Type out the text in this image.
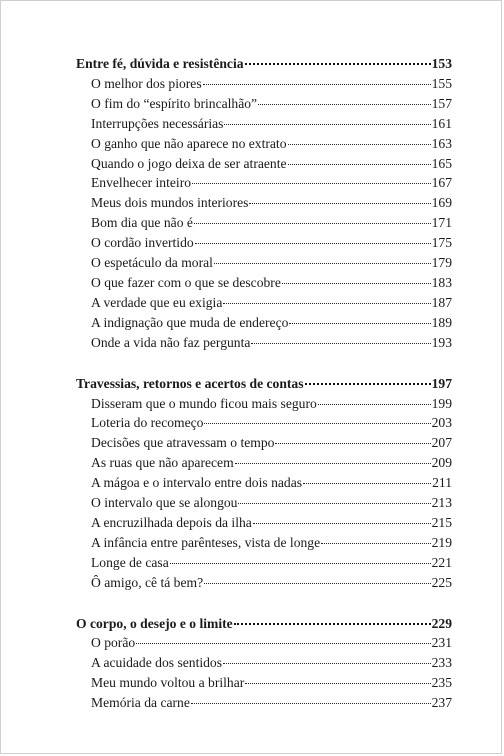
Entre fé, dúvida e resistência	153
O melhor dos piores	155
O fim do “espírito brincalhão”	157
Interrupções necessárias	161
O ganho que não aparece no extrato	163
Quando o jogo deixa de ser atraente	165
Envelhecer inteiro	167
Meus dois mundos interiores	169
Bom dia que não é	171
O cordão invertido	175
O espetáculo da moral	179
O que fazer com o que se descobre	183
A verdade que eu exigia	187
A indignação que muda de endereço	189
Onde a vida não faz pergunta	193
Travessias, retornos e acertos de contas	197
Disseram que o mundo ficou mais seguro	199
Loteria do recomeço	203
Decisões que atravessam o tempo	207
As ruas que não aparecem	209
A mágoa e o intervalo entre dois nadas	211
O intervalo que se alongou	213
A encruzilhada depois da ilha	215
A infância entre parênteses, vista de longe	219
Longe de casa	221
Ô amigo, cê tá bem?	225
O corpo, o desejo e o limite	229
O porão	231
A acuidade dos sentidos	233
Meu mundo voltou a brilhar	235
Memória da carne	237
